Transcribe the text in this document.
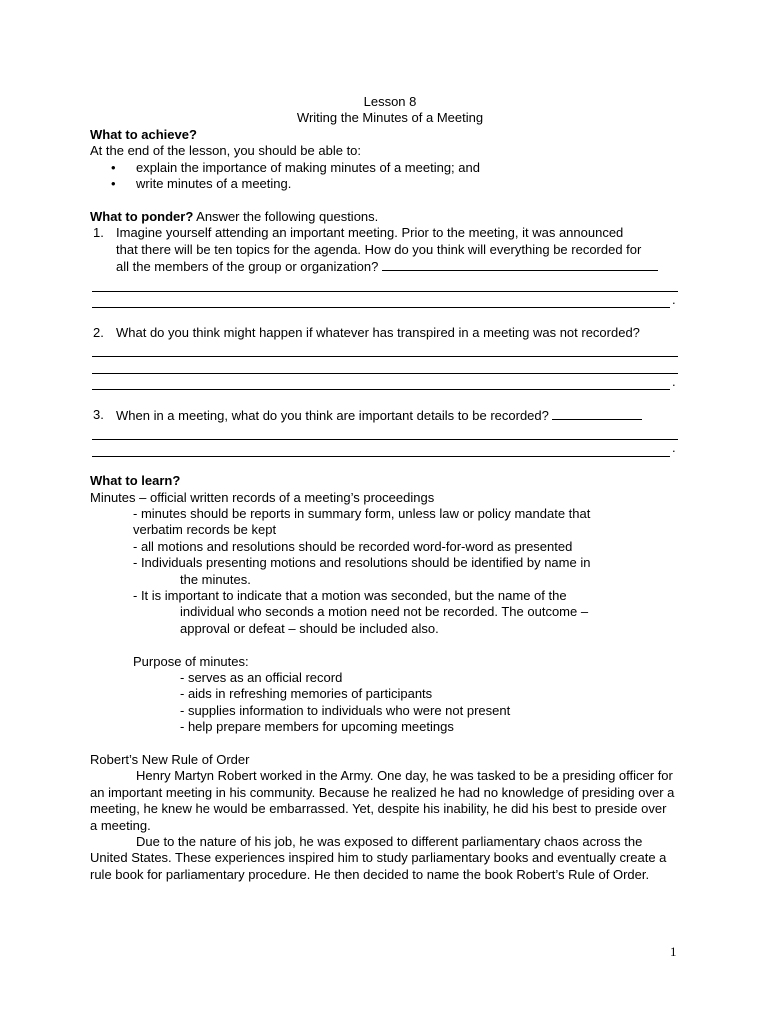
Lesson 8
Writing the Minutes of a Meeting
What to achieve?
At the end of the lesson, you should be able to:
• explain the importance of making minutes of a meeting; and
• write minutes of a meeting.
What to ponder? Answer the following questions.
1. Imagine yourself attending an important meeting. Prior to the meeting, it was announced
that there will be ten topics for the agenda. How do you think will everything be recorded for
all the members of the group or organization?
.
2. What do you think might happen if whatever has transpired in a meeting was not recorded?
.
3. When in a meeting, what do you think are important details to be recorded?
.
What to learn?
Minutes – official written records of a meeting’s proceedings
- minutes should be reports in summary form, unless law or policy mandate that
verbatim records be kept
- all motions and resolutions should be recorded word-for-word as presented
- Individuals presenting motions and resolutions should be identified by name in
the minutes.
- It is important to indicate that a motion was seconded, but the name of the
individual who seconds a motion need not be recorded. The outcome –
approval or defeat – should be included also.
Purpose of minutes:
- serves as an official record
- aids in refreshing memories of participants
- supplies information to individuals who were not present
- help prepare members for upcoming meetings
Robert’s New Rule of Order
Henry Martyn Robert worked in the Army. One day, he was tasked to be a presiding officer for an important meeting in his community. Because he realized he had no knowledge of presiding over a meeting, he knew he would be embarrassed. Yet, despite his inability, he did his best to preside over a meeting.
Due to the nature of his job, he was exposed to different parliamentary chaos across the United States. These experiences inspired him to study parliamentary books and eventually create a rule book for parliamentary procedure. He then decided to name the book Robert’s Rule of Order.
1
